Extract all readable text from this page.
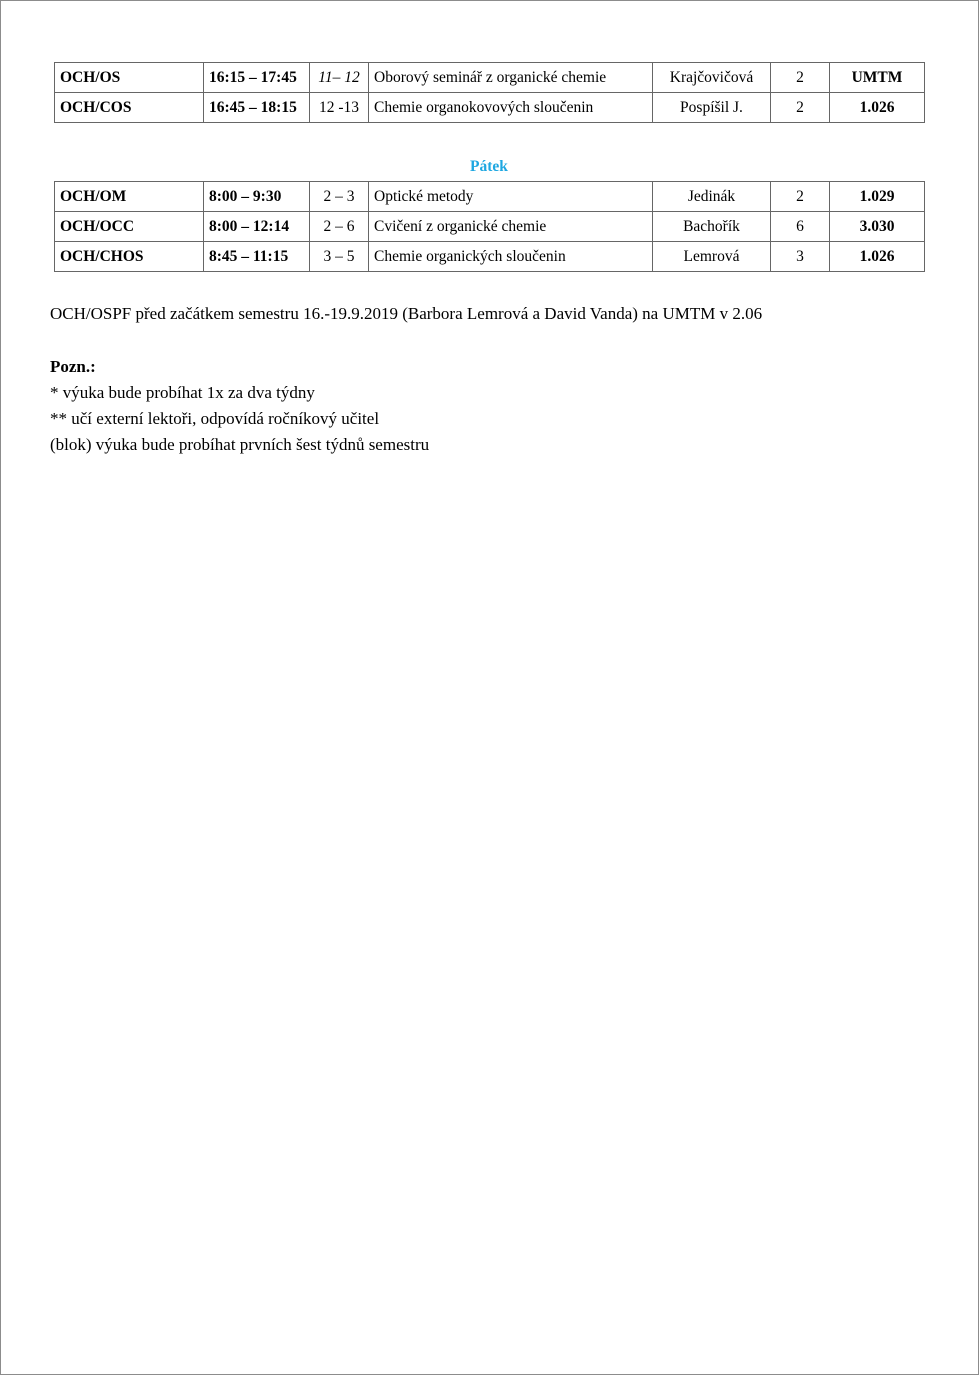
OCH/OS	16:15 – 17:45	11– 12	Oborový seminář z organické chemie	Krajčovičová	2	UMTM
OCH/COS	16:45 – 18:15	12 -13	Chemie organokovových sloučenin	Pospíšil J.	2	1.026
Pátek
OCH/OM	8:00 – 9:30	2 – 3	Optické metody	Jedinák	2	1.029
OCH/OCC	8:00 – 12:14	2 – 6	Cvičení z organické chemie	Bachořík	6	3.030
OCH/CHOS	8:45 – 11:15	3 – 5	Chemie organických sloučenin	Lemrová	3	1.026
OCH/OSPF před začátkem semestru 16.-19.9.2019 (Barbora Lemrová a David Vanda) na UMTM v 2.06
Pozn.:
* výuka bude probíhat 1x za dva týdny
** učí externí lektoři, odpovídá ročníkový učitel
(blok) výuka bude probíhat prvních šest týdnů semestru
